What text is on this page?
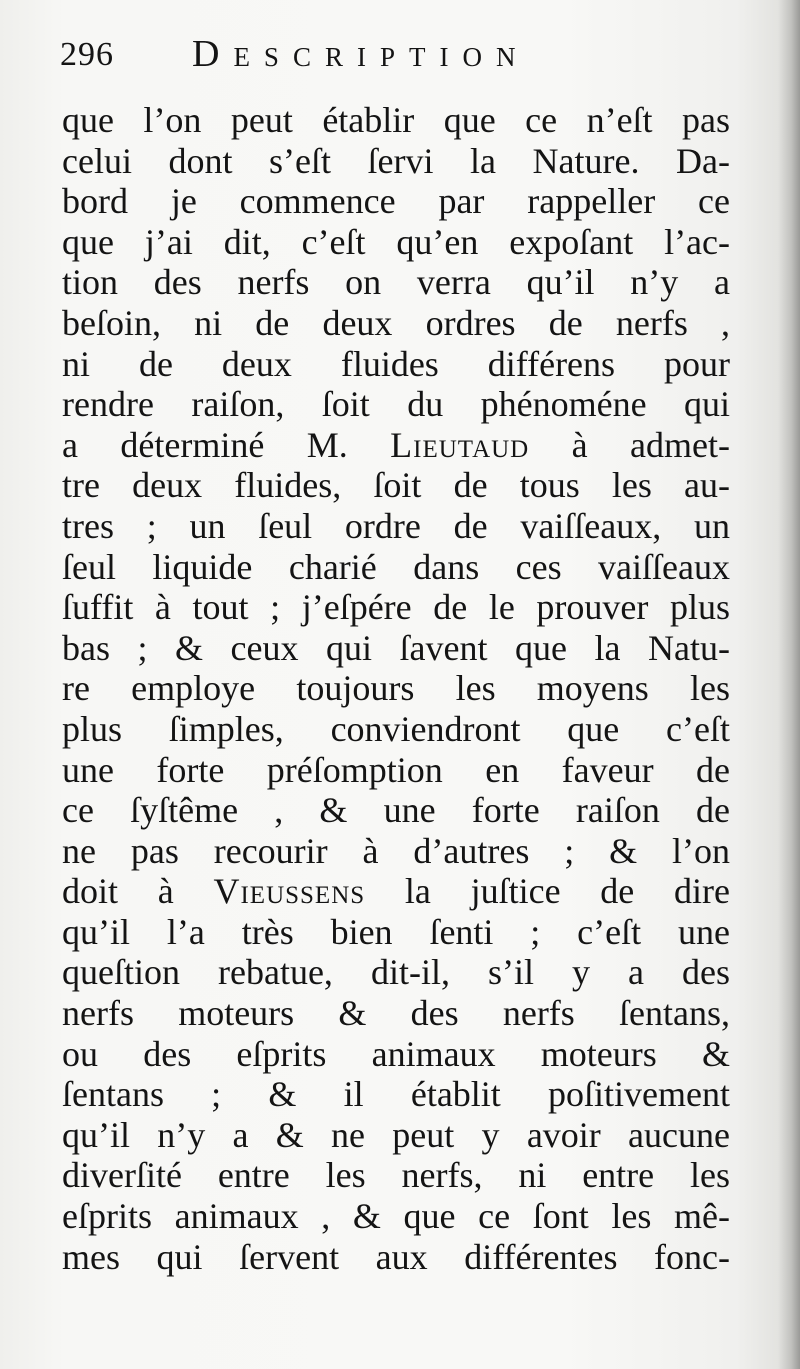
296 Description
que l’on peut établir que ce n’eſt pas
celui dont s’eſt ſervi la Nature. Da-
bord je commence par rappeller ce
que j’ai dit, c’eſt qu’en expoſant l’ac-
tion des nerfs on verra qu’il n’y a
beſoin, ni de deux ordres de nerfs ,
ni de deux fluides différens pour
rendre raiſon, ſoit du phénoméne qui
a déterminé M. Lieutaud à admet-
tre deux fluides, ſoit de tous les au-
tres ; un ſeul ordre de vaiſſeaux, un
ſeul liquide charié dans ces vaiſſeaux
ſuffit à tout ; j’eſpére de le prouver plus
bas ; & ceux qui ſavent que la Natu-
re employe toujours les moyens les
plus ſimples, conviendront que c’eſt
une forte préſomption en faveur de
ce ſyſtême , & une forte raiſon de
ne pas recourir à d’autres ; & l’on
doit à Vieussens la juſtice de dire
qu’il l’a très bien ſenti ; c’eſt une
queſtion rebatue, dit-il, s’il y a des
nerfs moteurs & des nerfs ſentans,
ou des eſprits animaux moteurs &
ſentans ; & il établit poſitivement
qu’il n’y a & ne peut y avoir aucune
diverſité entre les nerfs, ni entre les
eſprits animaux , & que ce ſont les mê-
mes qui ſervent aux différentes fonc-
